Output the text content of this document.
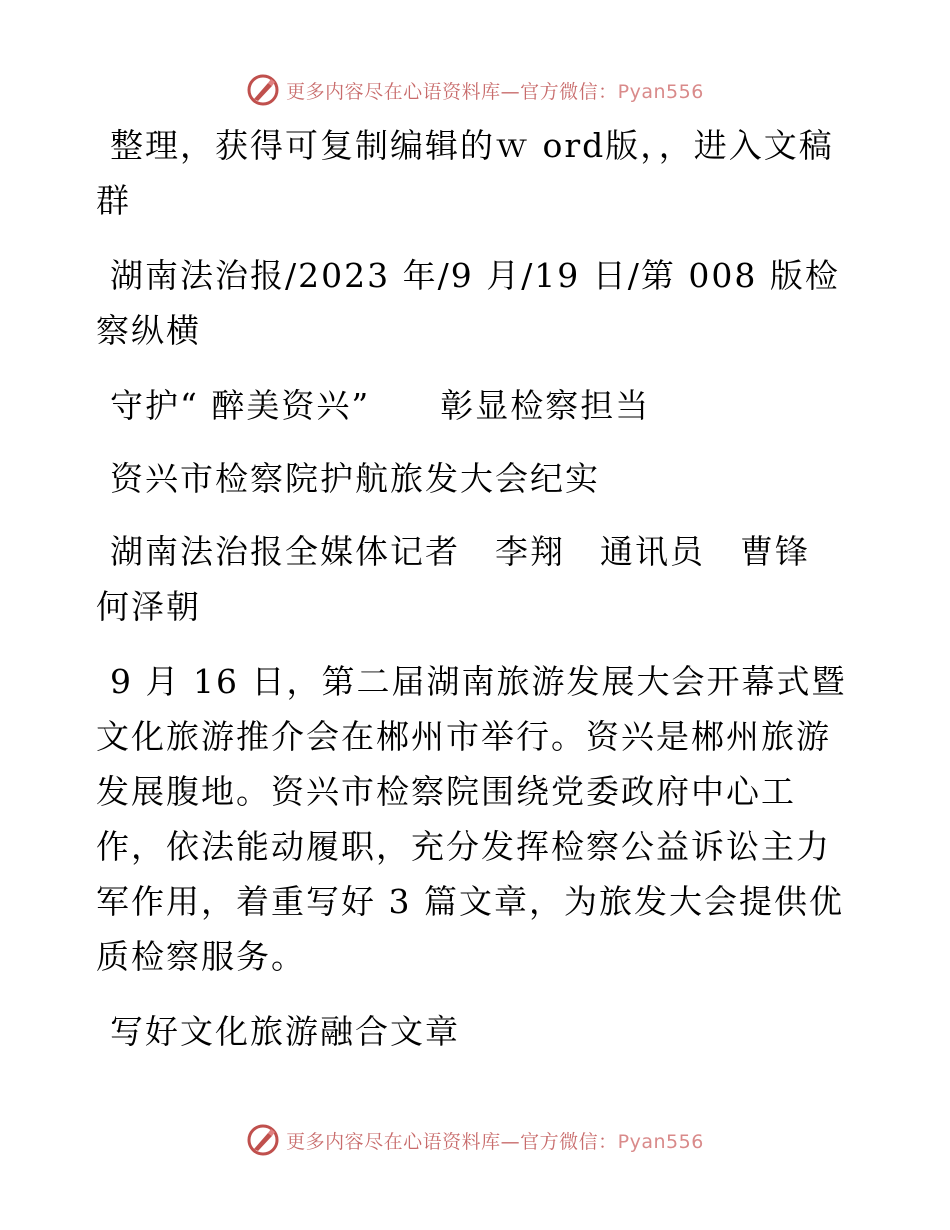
更多内容尽在心语资料库—官方微信：Pyan556

整理，获得可复制编辑的ｗ ord版，，进入文稿群

湖南法治报/2023 年/9 月/19 日/第 008 版检察纵横

守护“ 醉美资兴”　　彰显检察担当

资兴市检察院护航旅发大会纪实

湖南法治报全媒体记者　李翔　通讯员　曹锋　何泽朝

9 月 16 日，第二届湖南旅游发展大会开幕式暨文化旅游推介会在郴州市举行。资兴是郴州旅游发展腹地。资兴市检察院围绕党委政府中心工作，依法能动履职，充分发挥检察公益诉讼主力军作用，着重写好 3 篇文章，为旅发大会提供优质检察服务。

写好文化旅游融合文章

更多内容尽在心语资料库—官方微信：Pyan556
